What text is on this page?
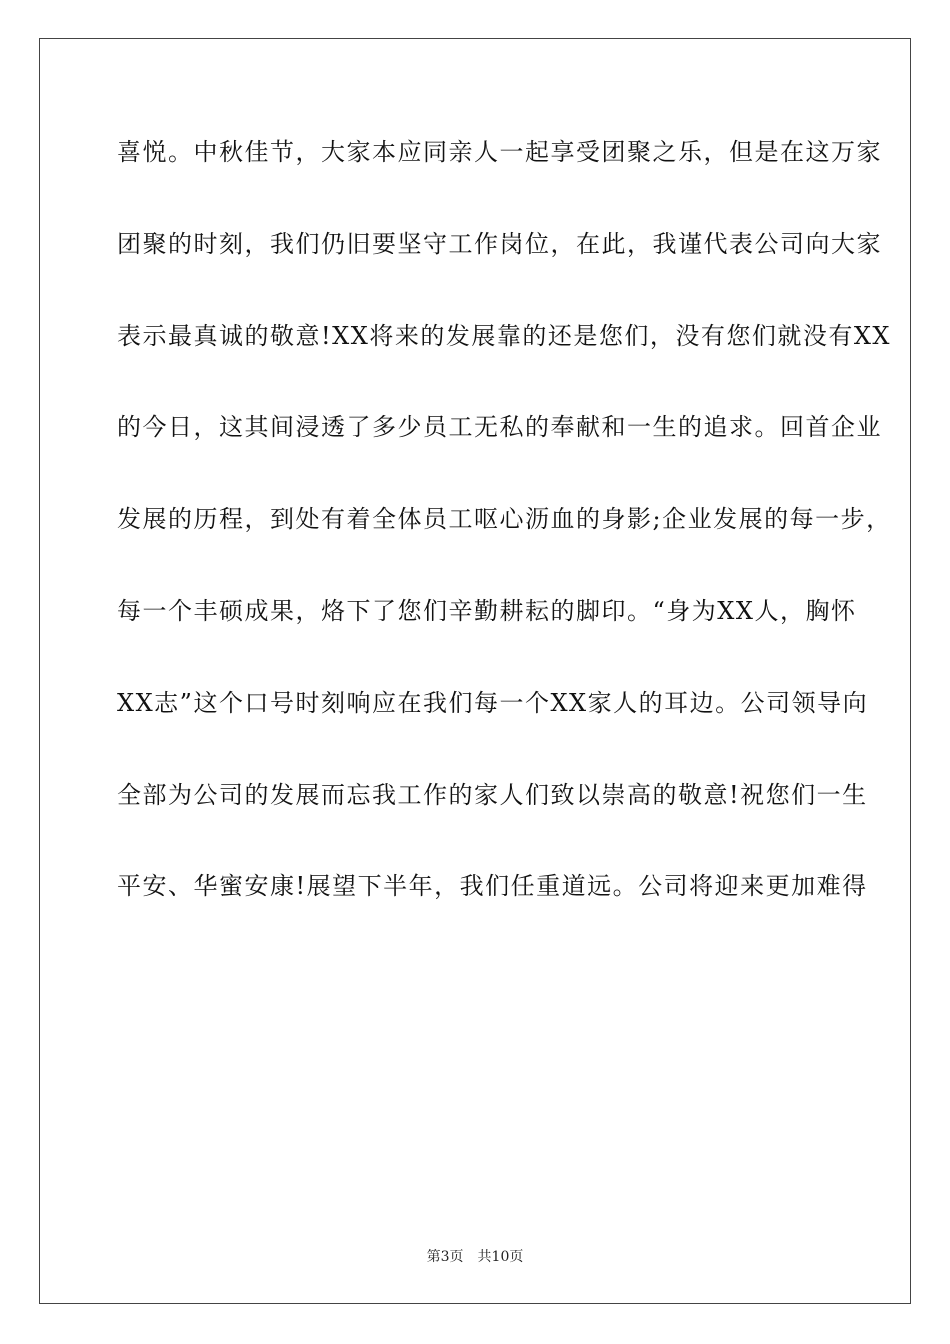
喜悦。中秋佳节，大家本应同亲人一起享受团聚之乐，但是在这万家
团聚的时刻，我们仍旧要坚守工作岗位，在此，我谨代表公司向大家
表示最真诚的敬意!XX将来的发展靠的还是您们，没有您们就没有XX
的今日，这其间浸透了多少员工无私的奉献和一生的追求。回首企业
发展的历程，到处有着全体员工呕心沥血的身影;企业发展的每一步，
每一个丰硕成果，烙下了您们辛勤耕耘的脚印。“身为XX人，胸怀
XX志”这个口号时刻响应在我们每一个XX家人的耳边。公司领导向
全部为公司的发展而忘我工作的家人们致以崇高的敬意!祝您们一生
平安、华蜜安康!展望下半年，我们任重道远。公司将迎来更加难得
第3页 共10页
